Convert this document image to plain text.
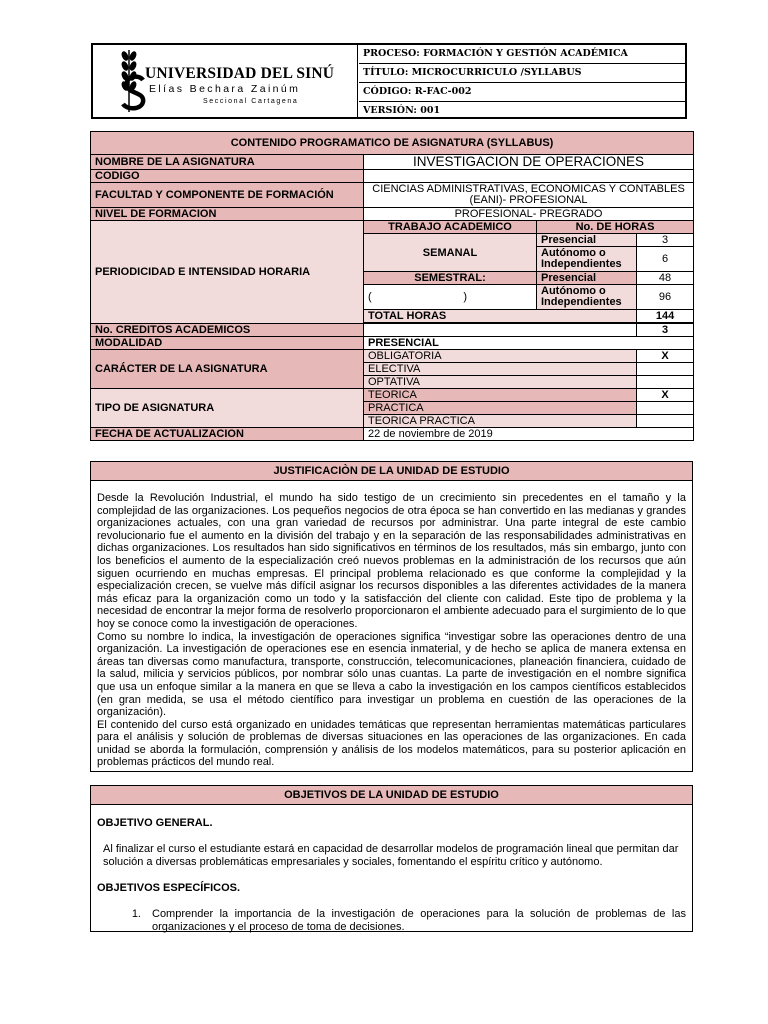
UNIVERSIDAD DEL SINÚ
Elías Bechara Zainúm
Seccional Cartagena
PROCESO: FORMACIÓN Y GESTIÓN ACADÉMICA
TÍTULO: MICROCURRICULO /SYLLABUS
CÓDIGO: R-FAC-002
VERSIÓN: 001
CONTENIDO PROGRAMATICO DE ASIGNATURA (SYLLABUS)			
NOMBRE DE LA ASIGNATURA	INVESTIGACION DE OPERACIONES		
CODIGO			
FACULTAD Y COMPONENTE DE FORMACIÓN	CIENCIAS ADMINISTRATIVAS, ECONOMICAS Y CONTABLES (EANI)- PROFESIONAL		
NIVEL DE FORMACION	PROFESIONAL- PREGRADO		
PERIODICIDAD E INTENSIDAD HORARIA	TRABAJO ACADEMICO	No. DE HORAS	
	SEMANAL	Presencial	3
		Autónomo o Independientes	6
	SEMESTRAL:	Presencial	48
	(                              )	Autónomo o Independientes	96
	TOTAL HORAS		144

No. CREDITOS ACADEMICOS			3
MODALIDAD	PRESENCIAL		
CARÁCTER DE LA ASIGNATURA	OBLIGATORIA		X
	ELECTIVA		
	OPTATIVA		
TIPO DE ASIGNATURA	TEORICA		X
	PRACTICA		
	TEORICA PRACTICA		
FECHA DE ACTUALIZACION	22 de noviembre de 2019		
JUSTIFICACIÒN DE LA UNIDAD DE ESTUDIO
Desde la Revolución Industrial, el mundo ha sido testigo de un crecimiento sin precedentes en el tamaño y la complejidad de las organizaciones. Los pequeños negocios de otra época se han convertido en las medianas y grandes organizaciones actuales, con una gran variedad de recursos por administrar. Una parte integral de este cambio revolucionario fue el aumento en la división del trabajo y en la separación de las responsabilidades administrativas en dichas organizaciones. Los resultados han sido significativos en términos de los resultados, más sin embargo, junto con los beneficios el aumento de la especialización creó nuevos problemas en la administración de los recursos que aún siguen ocurriendo en muchas empresas. El principal problema relacionado es que conforme la complejidad y la especialización crecen, se vuelve más difícil asignar los recursos disponibles a las diferentes actividades de la manera más eficaz para la organización como un todo y la satisfacción del cliente con calidad. Este tipo de problema y la necesidad de encontrar la mejor forma de resolverlo proporcionaron el ambiente adecuado para el surgimiento de lo que hoy se conoce como la investigación de operaciones.
Como su nombre lo indica, la investigación de operaciones significa “investigar sobre las operaciones dentro de una organización. La investigación de operaciones ese en esencia inmaterial, y de hecho se aplica de manera extensa en áreas tan diversas como manufactura, transporte, construcción, telecomunicaciones, planeación financiera, cuidado de la salud, milicia y servicios públicos, por nombrar sólo unas cuantas. La parte de investigación en el nombre significa que usa un enfoque similar a la manera en que se lleva a cabo la investigación en los campos científicos establecidos (en gran medida, se usa el método científico para investigar un problema en cuestión de las operaciones de la organización).
El contenido del curso está organizado en unidades temáticas que representan herramientas matemáticas particulares para el análisis y solución de problemas de diversas situaciones en las operaciones de las organizaciones. En cada unidad se aborda la formulación, comprensión y análisis de los modelos matemáticos, para su posterior aplicación en problemas prácticos del mundo real.
OBJETIVOS DE LA UNIDAD DE ESTUDIO
OBJETIVO GENERAL.
Al finalizar el curso el estudiante estará en capacidad de desarrollar modelos de programación lineal que permitan dar solución a diversas problemáticas empresariales y sociales, fomentando el espíritu crítico y autónomo.
OBJETIVOS ESPECÍFICOS.
1.	Comprender la importancia de la investigación de operaciones para la solución de problemas de las organizaciones y el proceso de toma de decisiones.
